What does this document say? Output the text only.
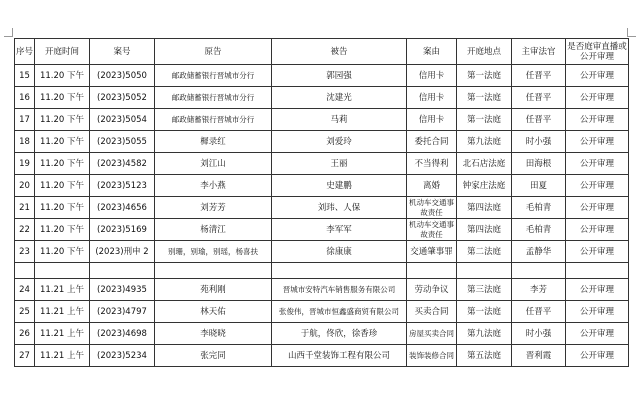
序号	开庭时间	案号	原告	被告	案由	开庭地点	主审法官	是否庭审直播或公开审理
15	11.20 下午	(2023)5050	邮政储蓄银行晋城市分行	郭园强	信用卡	第一法庭	任晋平	公开审理
16	11.20 下午	(2023)5052	邮政储蓄银行晋城市分行	沈建光	信用卡	第一法庭	任晋平	公开审理
17	11.20 下午	(2023)5054	邮政储蓄银行晋城市分行	马莉	信用卡	第一法庭	任晋平	公开审理
18	11.20 下午	(2023)5055	樨录红	刘爱玲	委托合同	第九法庭	时小强	公开审理
19	11.20 下午	(2023)4582	刘江山	王丽	不当得利	北石店法庭	田海根	公开审理
20	11.20 下午	(2023)5123	李小燕	史建鹏	离婚	钟家庄法庭	田夏	公开审理
21	11.20 下午	(2023)4656	刘芳芳	刘玮、人保	机动车交通事故责任	第四法庭	毛柏青	公开审理
22	11.20 下午	(2023)5169	杨清江	李军军	机动车交通事故责任	第四法庭	毛柏青	公开审理
23	11.20 下午	(2023)刑申 2	别珊，别瑜，别瑶，杨喜扶	徐康康	交通肇事罪	第二法庭	孟静华	公开审理

24	11.21 上午	(2023)4935	苑利刚	晋城市安特汽车销售服务有限公司	劳动争议	第三法庭	李芳	公开审理
25	11.21 上午	(2023)4797	林天佑	张俊伟，晋城市恒鑫盛商贸有限公司	买卖合同	第一法庭	任晋平	公开审理
26	11.21 上午	(2023)4698	李晓晓	于航，佟欣，徐香珍	房屋买卖合同	第九法庭	时小强	公开审理
27	11.21 上午	(2023)5234	张完同	山西千堂装饰工程有限公司	装饰装修合同	第五法庭	晋利霞	公开审理
